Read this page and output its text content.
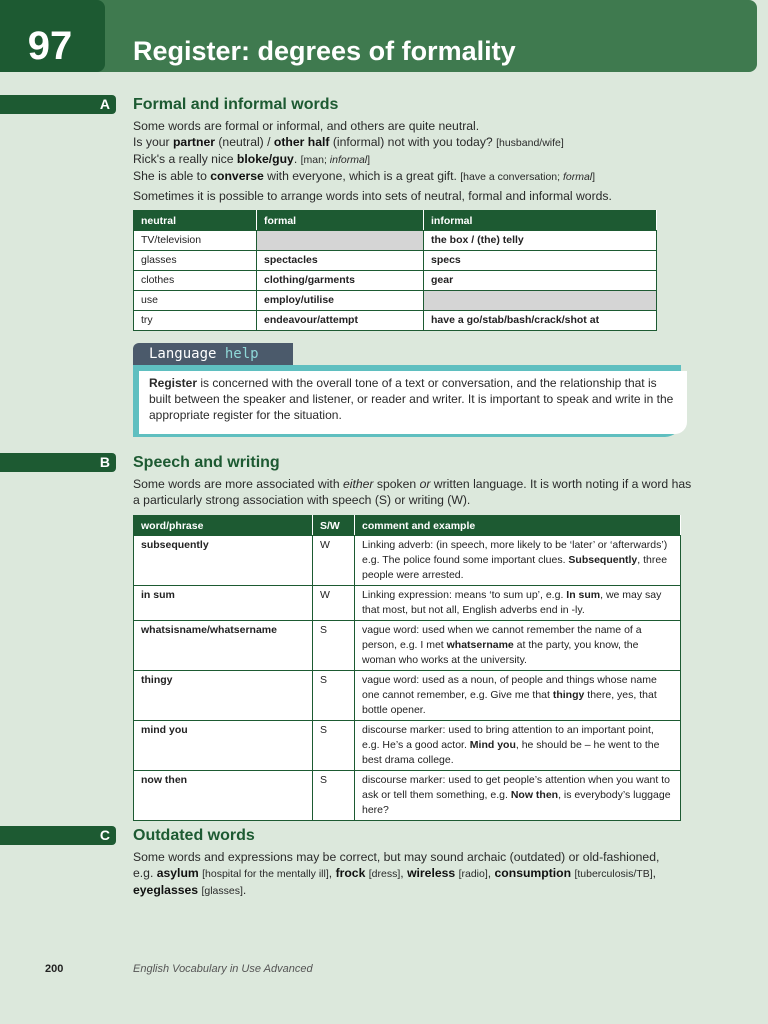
97	Register: degrees of formality
A Formal and informal words
Some words are formal or informal, and others are quite neutral.
Is your partner (neutral) / other half (informal) not with you today? [husband/wife]
Rick's a really nice bloke/guy. [man; informal]
She is able to converse with everyone, which is a great gift. [have a conversation; formal]
Sometimes it is possible to arrange words into sets of neutral, formal and informal words.
neutral	formal	informal
TV/television		the box / (the) telly
glasses	spectacles	specs
clothes	clothing/garments	gear
use	employ/utilise	
try	endeavour/attempt	have a go/stab/bash/crack/shot at
Language help
Register is concerned with the overall tone of a text or conversation, and the relationship that is built between the speaker and listener, or reader and writer. It is important to speak and write in the appropriate register for the situation.
B Speech and writing
Some words are more associated with either spoken or written language. It is worth noting if a word has a particularly strong association with speech (S) or writing (W).
word/phrase	S/W	comment and example
subsequently	W	Linking adverb: (in speech, more likely to be ‘later’ or ‘afterwards’) e.g. The police found some important clues. Subsequently, three people were arrested.
in sum	W	Linking expression: means ‘to sum up’, e.g. In sum, we may say that most, but not all, English adverbs end in -ly.
whatsisname/whatsername	S	vague word: used when we cannot remember the name of a person, e.g. I met whatsername at the party, you know, the woman who works at the university.
thingy	S	vague word: used as a noun, of people and things whose name one cannot remember, e.g. Give me that thingy there, yes, that bottle opener.
mind you	S	discourse marker: used to bring attention to an important point, e.g. He’s a good actor. Mind you, he should be – he went to the best drama college.
now then	S	discourse marker: used to get people’s attention when you want to ask or tell them something, e.g. Now then, is everybody’s luggage here?
C Outdated words
Some words and expressions may be correct, but may sound archaic (outdated) or old-fashioned,
e.g. asylum [hospital for the mentally ill], frock [dress], wireless [radio], consumption [tuberculosis/TB],
eyeglasses [glasses].
200	English Vocabulary in Use Advanced
